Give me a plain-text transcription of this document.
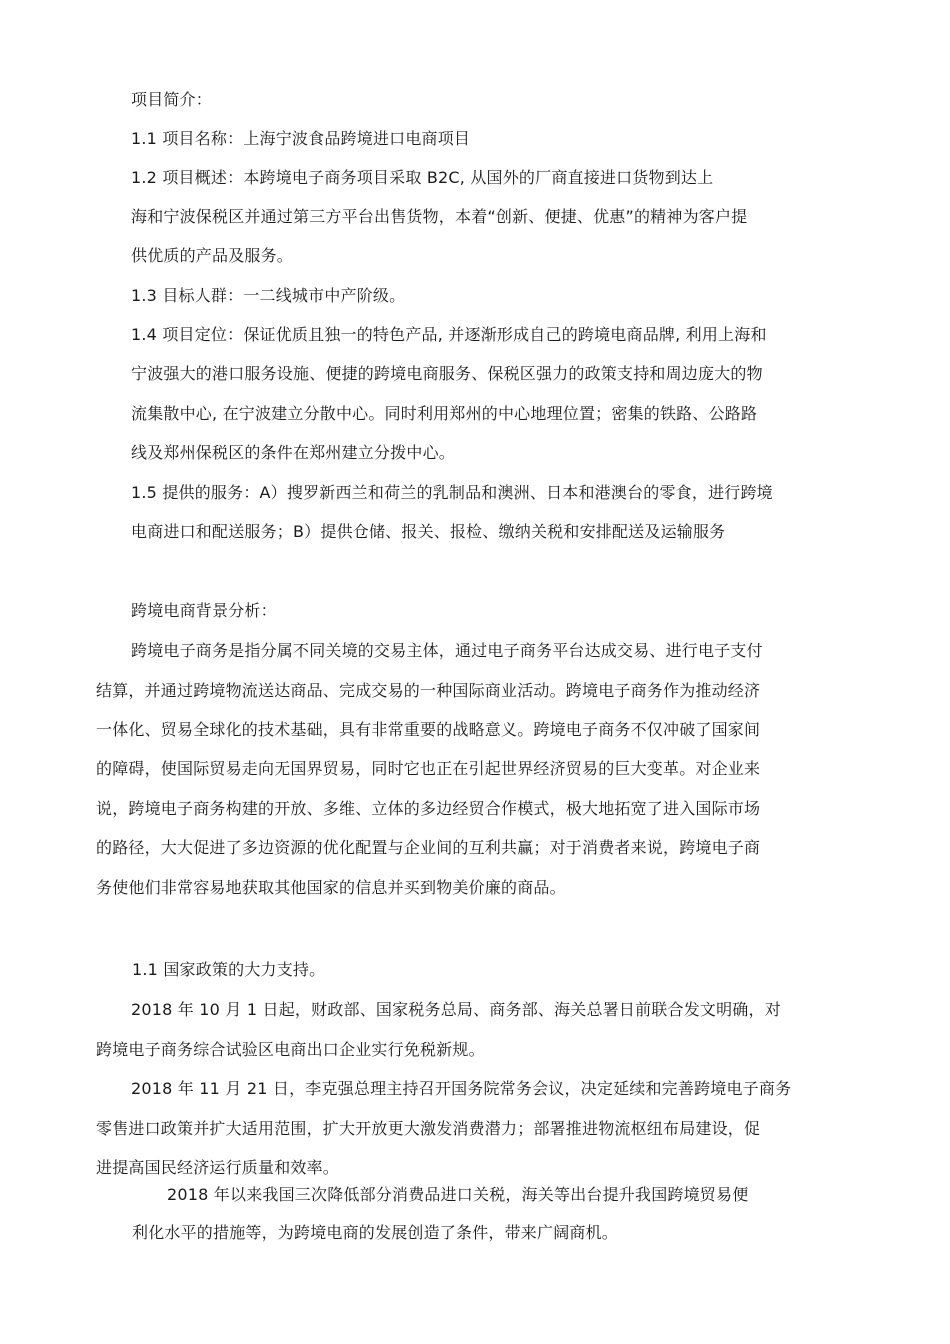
项目简介：
1.1 项目名称：上海宁波食品跨境进口电商项目
1.2 项目概述：本跨境电子商务项目采取 B2C, 从国外的厂商直接进口货物到达上
海和宁波保税区并通过第三方平台出售货物，本着“创新、便捷、优惠”的精神为客户提
供优质的产品及服务。
1.3 目标人群：一二线城市中产阶级。
1.4 项目定位：保证优质且独一的特色产品, 并逐渐形成自己的跨境电商品牌, 利用上海和
宁波强大的港口服务设施、便捷的跨境电商服务、保税区强力的政策支持和周边庞大的物
流集散中心, 在宁波建立分散中心。同时利用郑州的中心地理位置；密集的铁路、公路路
线及郑州保税区的条件在郑州建立分拨中心。
1.5 提供的服务：A）搜罗新西兰和荷兰的乳制品和澳洲、日本和港澳台的零食，进行跨境
电商进口和配送服务；B）提供仓储、报关、报检、缴纳关税和安排配送及运输服务
跨境电商背景分析：
跨境电子商务是指分属不同关境的交易主体，通过电子商务平台达成交易、进行电子支付
结算，并通过跨境物流送达商品、完成交易的一种国际商业活动。跨境电子商务作为推动经济
一体化、贸易全球化的技术基础，具有非常重要的战略意义。跨境电子商务不仅冲破了国家间
的障碍，使国际贸易走向无国界贸易，同时它也正在引起世界经济贸易的巨大变革。对企业来
说，跨境电子商务构建的开放、多维、立体的多边经贸合作模式，极大地拓宽了进入国际市场
的路径，大大促进了多边资源的优化配置与企业间的互利共赢；对于消费者来说，跨境电子商
务使他们非常容易地获取其他国家的信息并买到物美价廉的商品。
1.1 国家政策的大力支持。
2018 年 10 月 1 日起，财政部、国家税务总局、商务部、海关总署日前联合发文明确，对
跨境电子商务综合试验区电商出口企业实行免税新规。
2018 年 11 月 21 日，李克强总理主持召开国务院常务会议，决定延续和完善跨境电子商务
零售进口政策并扩大适用范围，扩大开放更大激发消费潜力；部署推进物流枢纽布局建设，促
进提高国民经济运行质量和效率。
2018 年以来我国三次降低部分消费品进口关税，海关等出台提升我国跨境贸易便
利化水平的措施等，为跨境电商的发展创造了条件，带来广阔商机。
